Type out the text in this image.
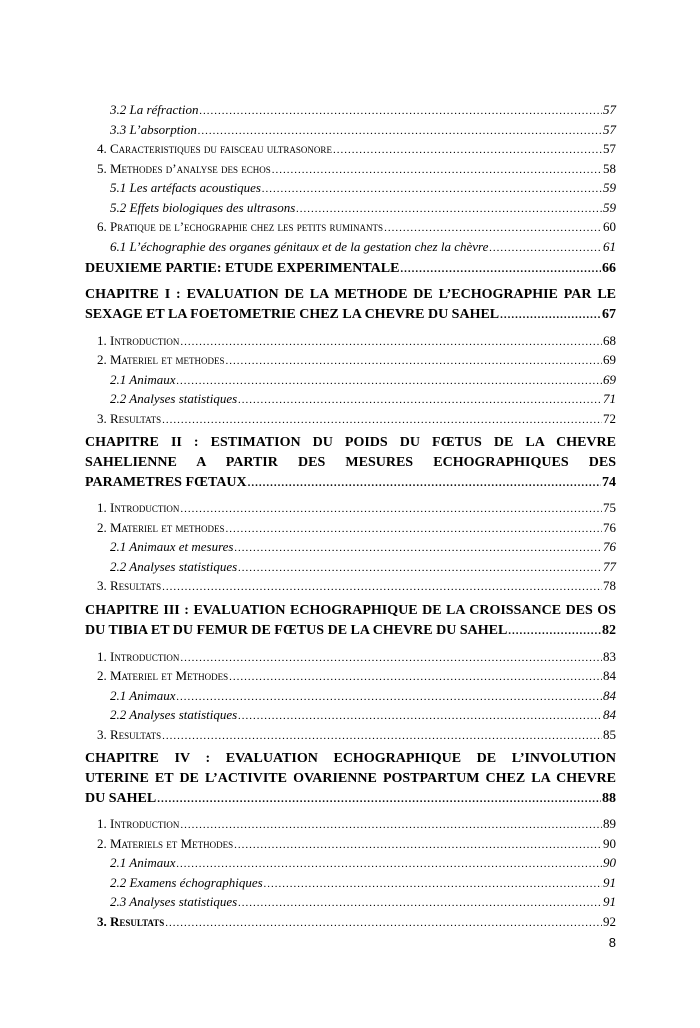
3.2 La réfraction .....	57
3.3 L’absorption .....	57
4. Caracteristiques du faisceau ultrasonore .....	57
5. Methodes d’analyse des echos .....	58
5.1 Les artéfacts acoustiques .....	59
5.2 Effets biologiques des ultrasons .....	59
6. Pratique de l’echographie chez les petits ruminants .....	60
6.1 L’échographie des organes génitaux et de la gestation chez la chèvre .....	61
DEUXIEME PARTIE: ETUDE EXPERIMENTALE .....	66
CHAPITRE I : EVALUATION DE LA METHODE DE L’ECHOGRAPHIE PAR LE
SEXAGE ET LA FOETOMETRIE CHEZ LA CHEVRE DU SAHEL .....	67
1. Introduction .....	68
2. Materiel et methodes .....	69
2.1 Animaux .....	69
2.2 Analyses statistiques .....	71
3. Resultats .....	72
CHAPITRE II : ESTIMATION DU POIDS DU FŒTUS DE LA CHEVRE
SAHELIENNE A PARTIR DES MESURES ECHOGRAPHIQUES DES
PARAMETRES FŒTAUX .....	74
1. Introduction .....	75
2. Materiel et methodes .....	76
2.1 Animaux et mesures .....	76
2.2 Analyses statistiques .....	77
3. Resultats .....	78
CHAPITRE III : EVALUATION ECHOGRAPHIQUE DE LA CROISSANCE DES OS
DU TIBIA ET DU FEMUR DE FŒTUS DE LA CHEVRE DU SAHEL .....	82
1. Introduction .....	83
2. Materiel et Methodes .....	84
2.1 Animaux .....	84
2.2 Analyses statistiques .....	84
3. Resultats .....	85
CHAPITRE IV : EVALUATION ECHOGRAPHIQUE DE L’INVOLUTION
UTERINE ET DE L’ACTIVITE OVARIENNE POSTPARTUM CHEZ LA CHEVRE
DU SAHEL .....	88
1. Introduction .....	89
2. Materiels et Methodes .....	90
2.1 Animaux .....	90
2.2 Examens échographiques .....	91
2.3 Analyses statistiques .....	91
3. Resultats .....	92
8
